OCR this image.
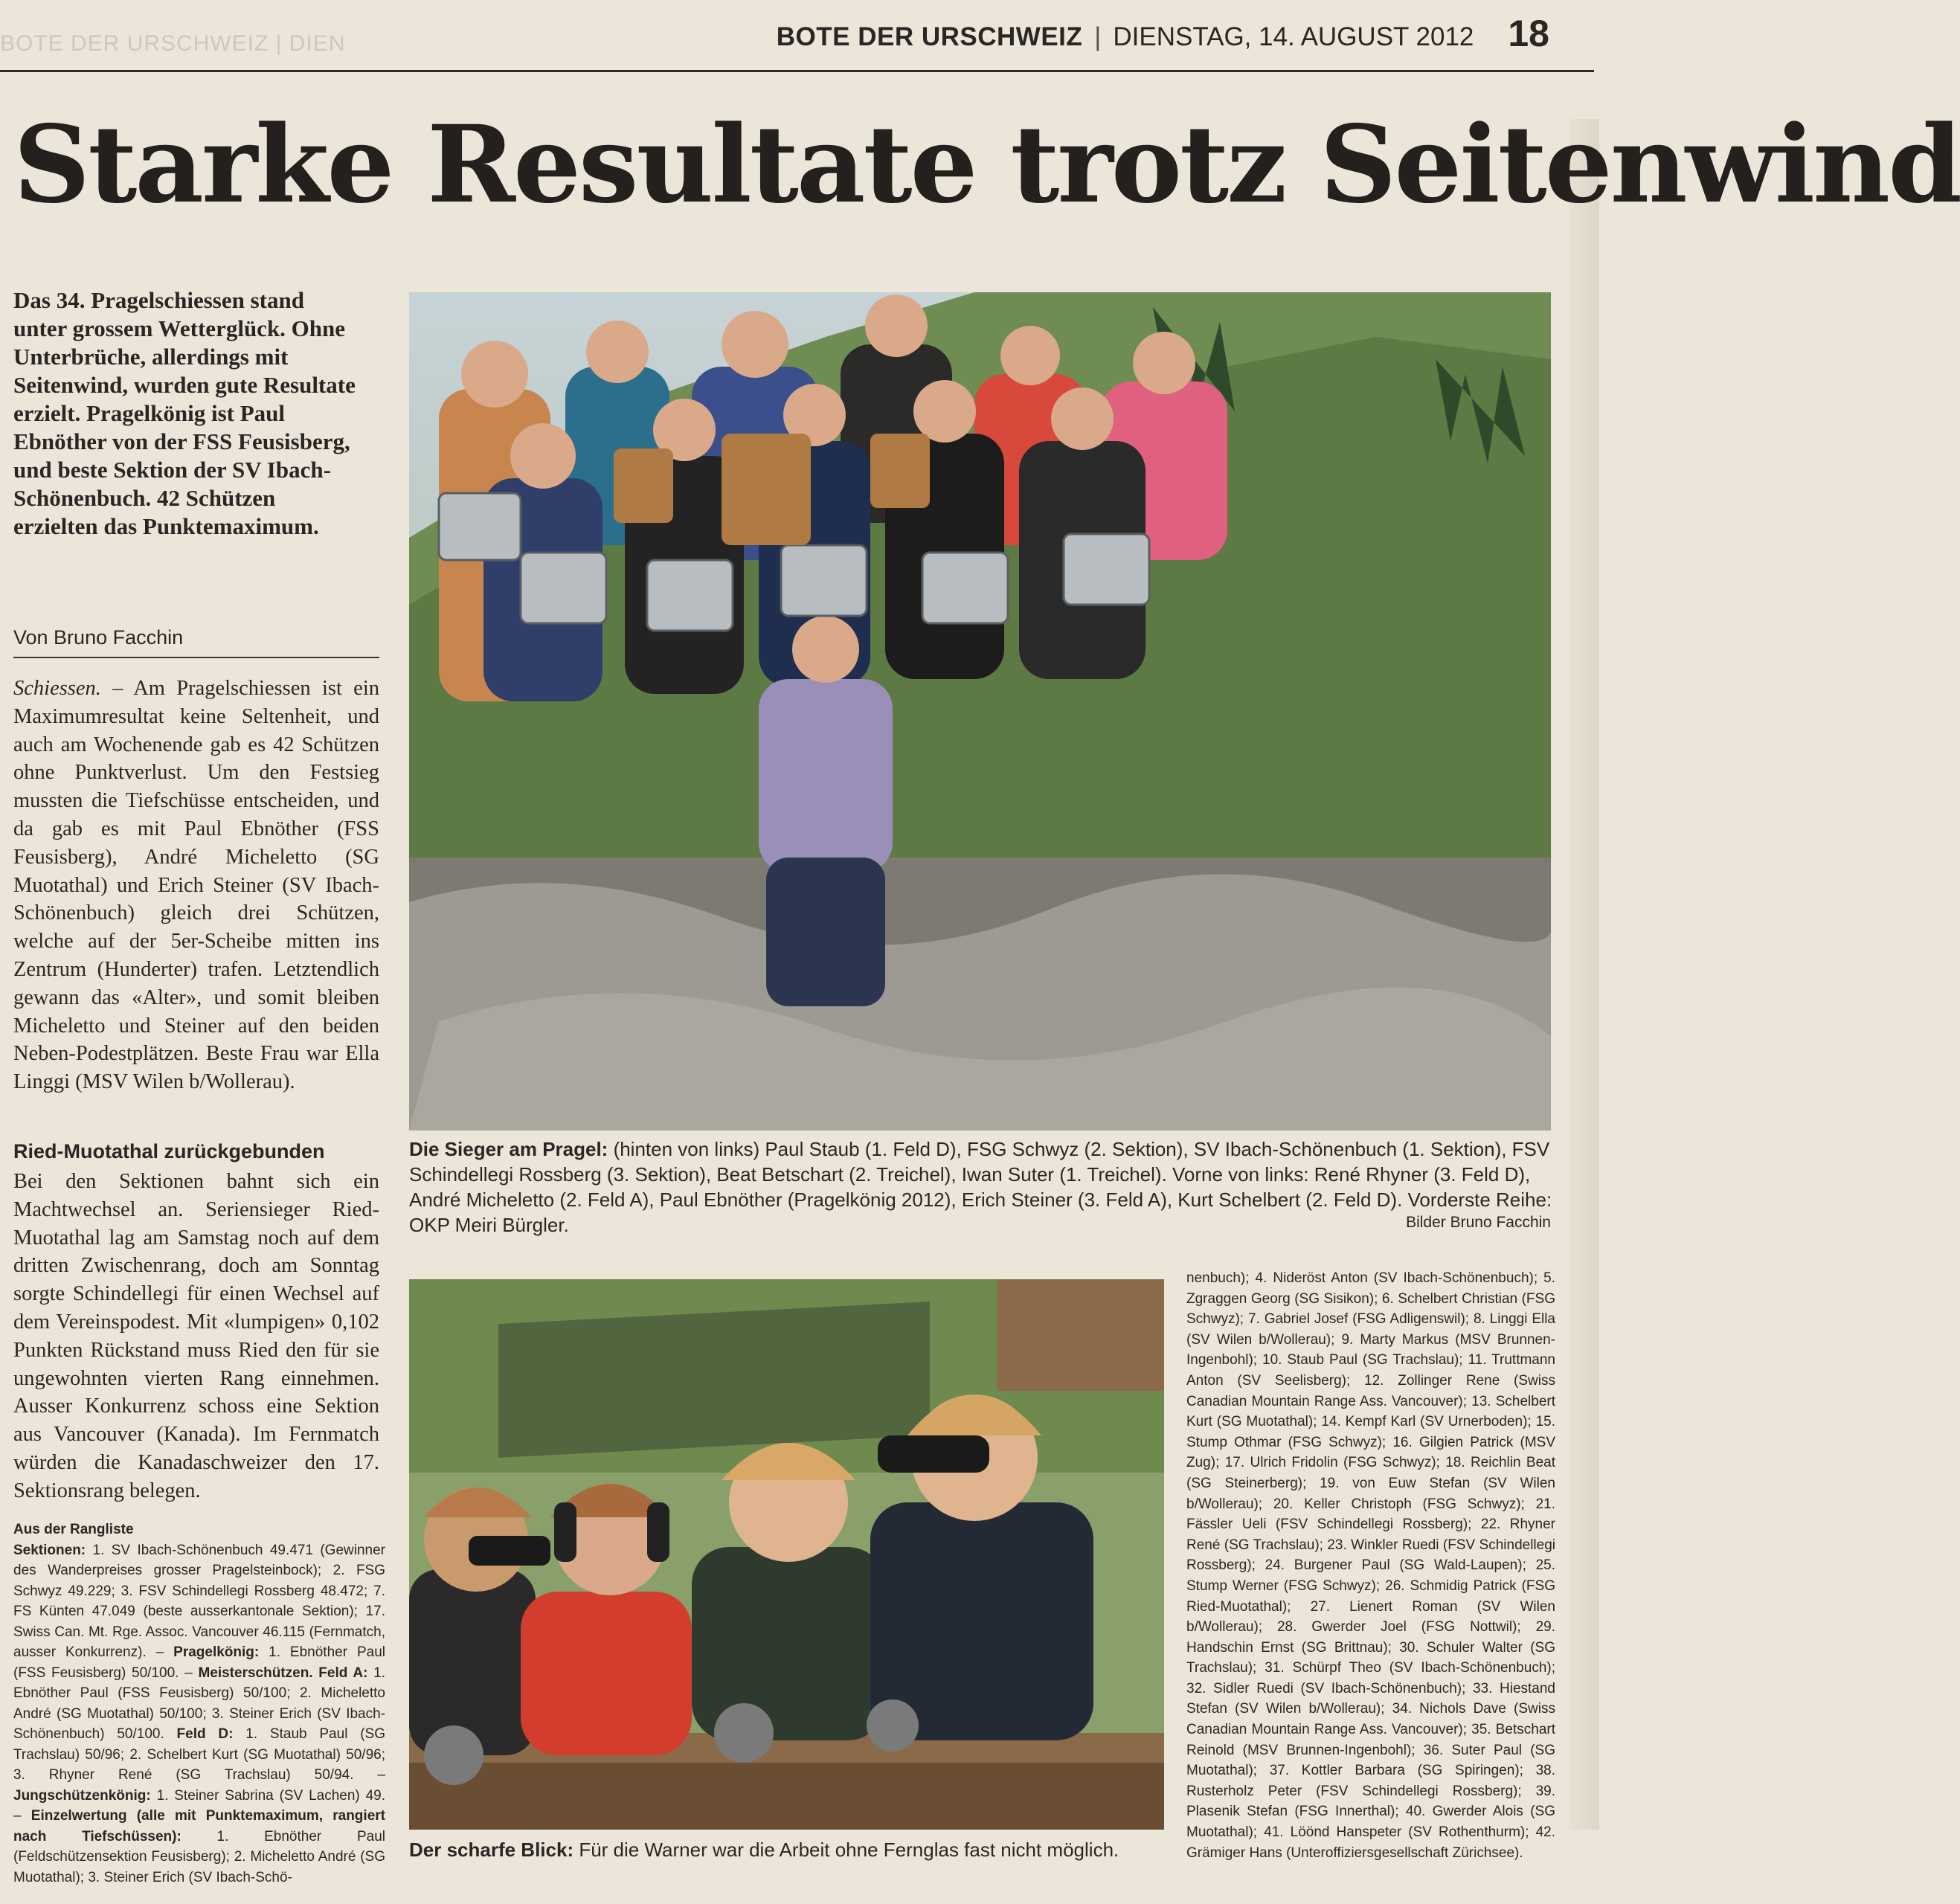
BOTE DER URSCHWEIZ | DIEN	BOTE DER URSCHWEIZ | DIENSTAG, 14. AUGUST 2012 18
Starke Resultate trotz Seitenwind

Das 34. Pragelschiessen stand unter grossem Wetterglück. Ohne Unterbrüche, allerdings mit Seitenwind, wurden gute Resultate erzielt. Pragelkönig ist Paul Ebnöther von der FSS Feusisberg, und beste Sektion der SV Ibach-Schönenbuch. 42 Schützen erzielten das Punktemaximum.

Von Bruno Facchin

Schiessen. – Am Pragelschiessen ist ein Maximumresultat keine Seltenheit, und auch am Wochenende gab es 42 Schützen ohne Punktverlust. Um den Festsieg mussten die Tiefschüsse entscheiden, und da gab es mit Paul Ebnöther (FSS Feusisberg), André Micheletto (SG Muotathal) und Erich Steiner (SV Ibach-Schönenbuch) gleich drei Schützen, welche auf der 5er-Scheibe mitten ins Zentrum (Hunderter) trafen. Letztendlich gewann das «Alter», und somit bleiben Micheletto und Steiner auf den beiden Neben-Podestplätzen. Beste Frau war Ella Linggi (MSV Wilen b/Wollerau).

Ried-Muotathal zurückgebunden

Bei den Sektionen bahnt sich ein Machtwechsel an. Seriensieger Ried-Muotathal lag am Samstag noch auf dem dritten Zwischenrang, doch am Sonntag sorgte Schindellegi für einen Wechsel auf dem Vereinspodest. Mit «lumpigen» 0,102 Punkten Rückstand muss Ried den für sie ungewohnten vierten Rang einnehmen. Ausser Konkurrenz schoss eine Sektion aus Vancouver (Kanada). Im Fernmatch würden die Kanadaschweizer den 17. Sektionsrang belegen.

Aus der Rangliste
Sektionen: 1. SV Ibach-Schönenbuch 49.471 (Gewinner des Wanderpreises grosser Pragelsteinbock); 2. FSG Schwyz 49.229; 3. FSV Schindellegi Rossberg 48.472; 7. FS Künten 47.049 (beste ausserkantonale Sektion); 17. Swiss Can. Mt. Rge. Assoc. Vancouver 46.115 (Fernmatch, ausser Konkurrenz). – Pragelkönig: 1. Ebnöther Paul (FSS Feusisberg) 50/100. – Meisterschützen. Feld A: 1. Ebnöther Paul (FSS Feusisberg) 50/100; 2. Micheletto André (SG Muotathal) 50/100; 3. Steiner Erich (SV Ibach-Schönenbuch) 50/100. Feld D: 1. Staub Paul (SG Trachslau) 50/96; 2. Schelbert Kurt (SG Muotathal) 50/96; 3. Rhyner René (SG Trachslau) 50/94. – Jungschützenkönig: 1. Steiner Sabrina (SV Lachen) 49. – Einzelwertung (alle mit Punktemaximum, rangiert nach Tiefschüssen): 1. Ebnöther Paul (Feldschützensektion Feusisberg); 2. Micheletto André (SG Muotathal); 3. Steiner Erich (SV Ibach-Schö-
nenbuch); 4. Nideröst Anton (SV Ibach-Schönenbuch); 5. Zgraggen Georg (SG Sisikon); 6. Schelbert Christian (FSG Schwyz); 7. Gabriel Josef (FSG Adligenswil); 8. Linggi Ella (SV Wilen b/Wollerau); 9. Marty Markus (MSV Brunnen-Ingenbohl); 10. Staub Paul (SG Trachslau); 11. Truttmann Anton (SV Seelisberg); 12. Zollinger Rene (Swiss Canadian Mountain Range Ass. Vancouver); 13. Schelbert Kurt (SG Muotathal); 14. Kempf Karl (SV Urnerboden); 15. Stump Othmar (FSG Schwyz); 16. Gilgien Patrick (MSV Zug); 17. Ulrich Fridolin (FSG Schwyz); 18. Reichlin Beat (SG Steinerberg); 19. von Euw Stefan (SV Wilen b/Wollerau); 20. Keller Christoph (FSG Schwyz); 21. Fässler Ueli (FSV Schindellegi Rossberg); 22. Rhyner René (SG Trachslau); 23. Winkler Ruedi (FSV Schindellegi Rossberg); 24. Burgener Paul (SG Wald-Laupen); 25. Stump Werner (FSG Schwyz); 26. Schmidig Patrick (FSG Ried-Muotathal); 27. Lienert Roman (SV Wilen b/Wollerau); 28. Gwerder Joel (FSG Nottwil); 29. Handschin Ernst (SG Brittnau); 30. Schuler Walter (SG Trachslau); 31. Schürpf Theo (SV Ibach-Schönenbuch); 32. Sidler Ruedi (SV Ibach-Schönenbuch); 33. Hiestand Stefan (SV Wilen b/Wollerau); 34. Nichols Dave (Swiss Canadian Mountain Range Ass. Vancouver); 35. Betschart Reinold (MSV Brunnen-Ingenbohl); 36. Suter Paul (SG Muotathal); 37. Kottler Barbara (SG Spiringen); 38. Rusterholz Peter (FSV Schindellegi Rossberg); 39. Plasenik Stefan (FSG Innerthal); 40. Gwerder Alois (SG Muotathal); 41. Löönd Hanspeter (SV Rothenthurm); 42. Grämiger Hans (Unteroffiziersgesellschaft Zürichsee).

Die Sieger am Pragel: (hinten von links) Paul Staub (1. Feld D), FSG Schwyz (2. Sektion), SV Ibach-Schönenbuch (1. Sektion), FSV Schindellegi Rossberg (3. Sektion), Beat Betschart (2. Treichel), Iwan Suter (1. Treichel). Vorne von links: René Rhyner (3. Feld D), André Micheletto (2. Feld A), Paul Ebnöther (Pragelkönig 2012), Erich Steiner (3. Feld A), Kurt Schelbert (2. Feld D). Vorderste Reihe: OKP Meiri Bürgler.	Bilder Bruno Facchin

Der scharfe Blick: Für die Warner war die Arbeit ohne Fernglas fast nicht möglich.
